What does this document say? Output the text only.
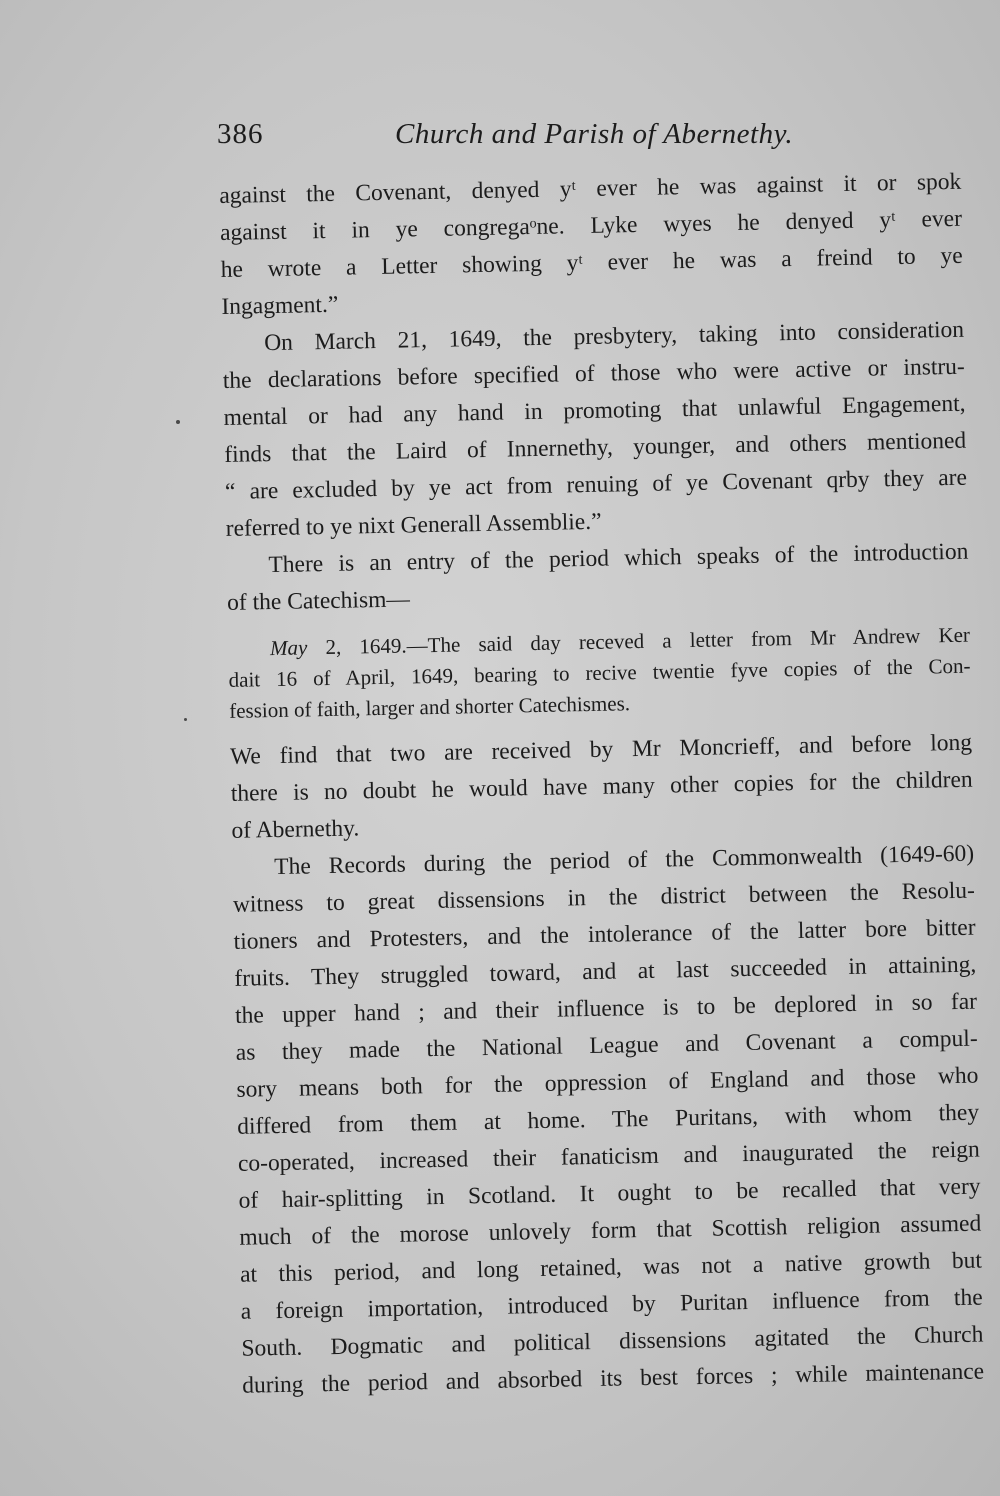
386	Church and Parish of Abernethy.
against the Covenant, denyed yᵗ ever he was against it or spok
against it in ye congregaᵒne. Lyke wyes he denyed yᵗ ever
he wrote a Letter showing yᵗ ever he was a freind to ye
Ingagment.”
On March 21, 1649, the presbytery, taking into consideration
the declarations before specified of those who were active or instru-
mental or had any hand in promoting that unlawful Engagement,
finds that the Laird of Innernethy, younger, and others mentioned
“ are excluded by ye act from renuing of ye Covenant qrby they are
referred to ye nixt Generall Assemblie.”
There is an entry of the period which speaks of the introduction
of the Catechism—
May 2, 1649.—The said day receved a letter from Mr Andrew Ker
dait 16 of April, 1649, bearing to recive twentie fyve copies of the Con-
fession of faith, larger and shorter Catechismes.
We find that two are received by Mr Moncrieff, and before long
there is no doubt he would have many other copies for the children
of Abernethy.
The Records during the period of the Commonwealth (1649-60)
witness to great dissensions in the district between the Resolu-
tioners and Protesters, and the intolerance of the latter bore bitter
fruits. They struggled toward, and at last succeeded in attaining,
the upper hand ; and their influence is to be deplored in so far
as they made the National League and Covenant a compul-
sory means both for the oppression of England and those who
differed from them at home. The Puritans, with whom they
co-operated, increased their fanaticism and inaugurated the reign
of hair-splitting in Scotland. It ought to be recalled that very
much of the morose unlovely form that Scottish religion assumed
at this period, and long retained, was not a native growth but
a foreign importation, introduced by Puritan influence from the
South. Dogmatic and political dissensions agitated the Church
during the period and absorbed its best forces ; while maintenance
